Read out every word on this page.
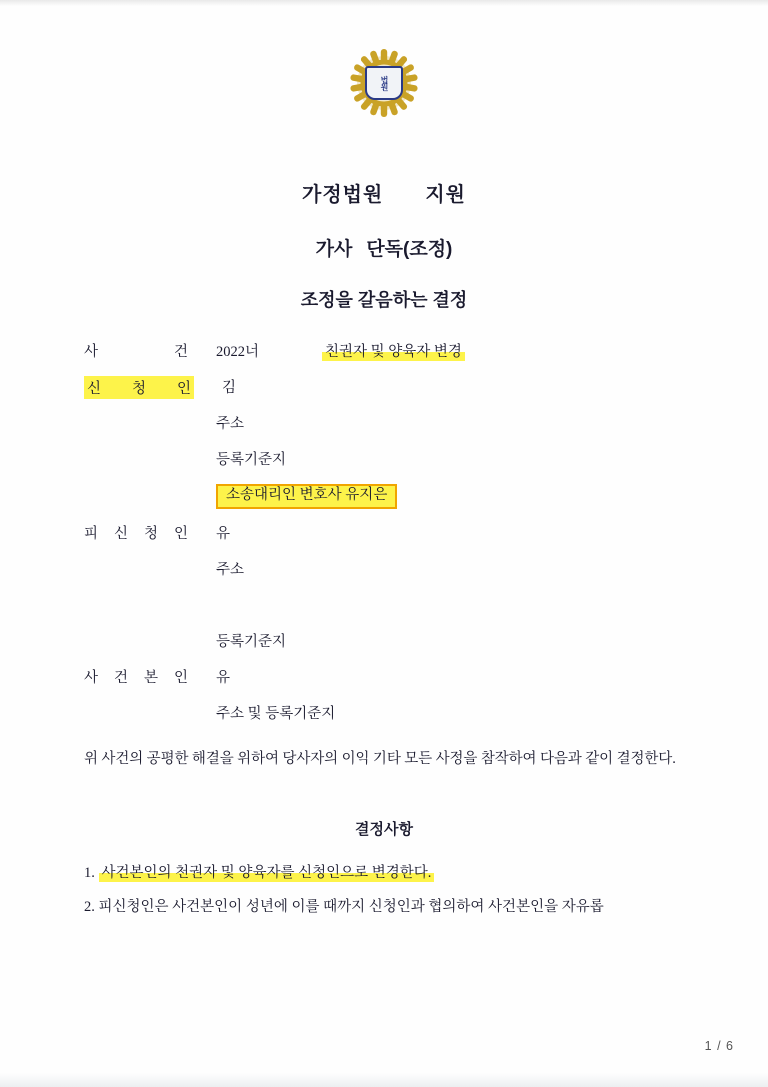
법원
가정법원 지원
가사 단독(조정)
조정을 갈음하는 결정
사	건	2022너	친권자 및 양육자 변경
신 청 인	김
주소
등록기준지
소송대리인 변호사 유지은
피 신 청 인	유
주소
등록기준지
사 건 본 인	유
주소 및 등록기준지
위 사건의 공평한 해결을 위하여 당사자의 이익 기타 모든 사정을 참작하여 다음과 같이 결정한다.
결정사항
1. 사건본인의 천권자 및 양육자를 신청인으로 변경한다.
2. 피신청인은 사건본인이 성년에 이를 때까지 신청인과 협의하여 사건본인을 자유롭
1 / 6
